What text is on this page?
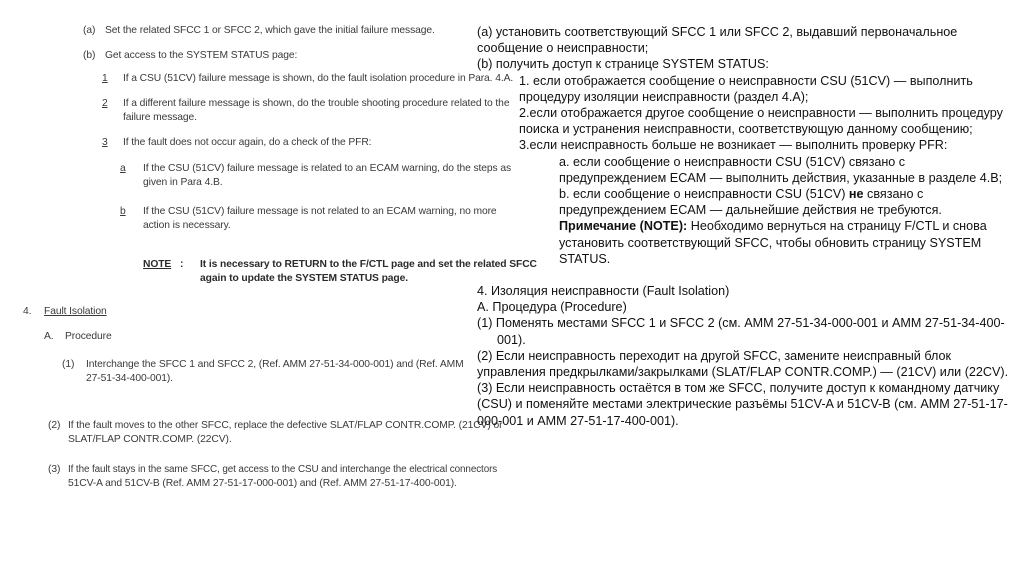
(a) Set the related SFCC 1 or SFCC 2, which gave the initial failure message.
(b) Get access to the SYSTEM STATUS page:
1 If a CSU (51CV) failure message is shown, do the fault isolation procedure in Para. 4.A.
2 If a different failure message is shown, do the trouble shooting procedure related to the
failure message.
3 If the fault does not occur again, do a check of the PFR:
a If the CSU (51CV) failure message is related to an ECAM warning, do the steps as
given in Para 4.B.
b If the CSU (51CV) failure message is not related to an ECAM warning, no more
action is necessary.
NOTE : It is necessary to RETURN to the F/CTL page and set the related SFCC
again to update the SYSTEM STATUS page.
4. Fault Isolation
A. Procedure
(1) Interchange the SFCC 1 and SFCC 2, (Ref. AMM 27-51-34-000-001) and (Ref. AMM
27-51-34-400-001).
(2) If the fault moves to the other SFCC, replace the defective SLAT/FLAP CONTR.COMP. (21CV) or
SLAT/FLAP CONTR.COMP. (22CV).
(3) If the fault stays in the same SFCC, get access to the CSU and interchange the electrical connectors
51CV-A and 51CV-B (Ref. AMM 27-51-17-000-001) and (Ref. AMM 27-51-17-400-001).

(a) установить соответствующий SFCC 1 или SFCC 2, выдавший первоначальное сообщение о неисправности;

(b) получить доступ к странице SYSTEM STATUS:

1. если отображается сообщение о неисправности CSU (51CV) — выполнить процедуру изоляции неисправности (раздел 4.А);

2.если отображается другое сообщение о неисправности — выполнить процедуру поиска и устранения неисправности, соответствующую данному сообщению;

3.если неисправность больше не возникает — выполнить проверку PFR:

a. если сообщение о неисправности CSU (51CV) связано с предупреждением ECAM — выполнить действия, указанные в разделе 4.В;

b. если сообщение о неисправности CSU (51CV) не связано с предупреждением ECAM — дальнейшие действия не требуются.

Примечание (NOTE): Необходимо вернуться на страницу F/CTL и снова установить соответствующий SFCC, чтобы обновить страницу SYSTEM STATUS.

4. Изоляция неисправности (Fault Isolation)

А. Процедура (Procedure)

(1) Поменять местами SFCC 1 и SFCC 2 (см. AMM 27-51-34-000-001 и AMM 27-51-34-400-001).

(2) Если неисправность переходит на другой SFCC, замените неисправный блок управления предкрылками/закрылками (SLAT/FLAP CONTR.COMP.) — (21CV) или (22CV).

(3) Если неисправность остаётся в том же SFCC, получите доступ к командному датчику (CSU) и поменяйте местами электрические разъёмы 51CV-A и 51CV-B (см. AMM 27-51-17-000-001 и AMM 27-51-17-400-001).
